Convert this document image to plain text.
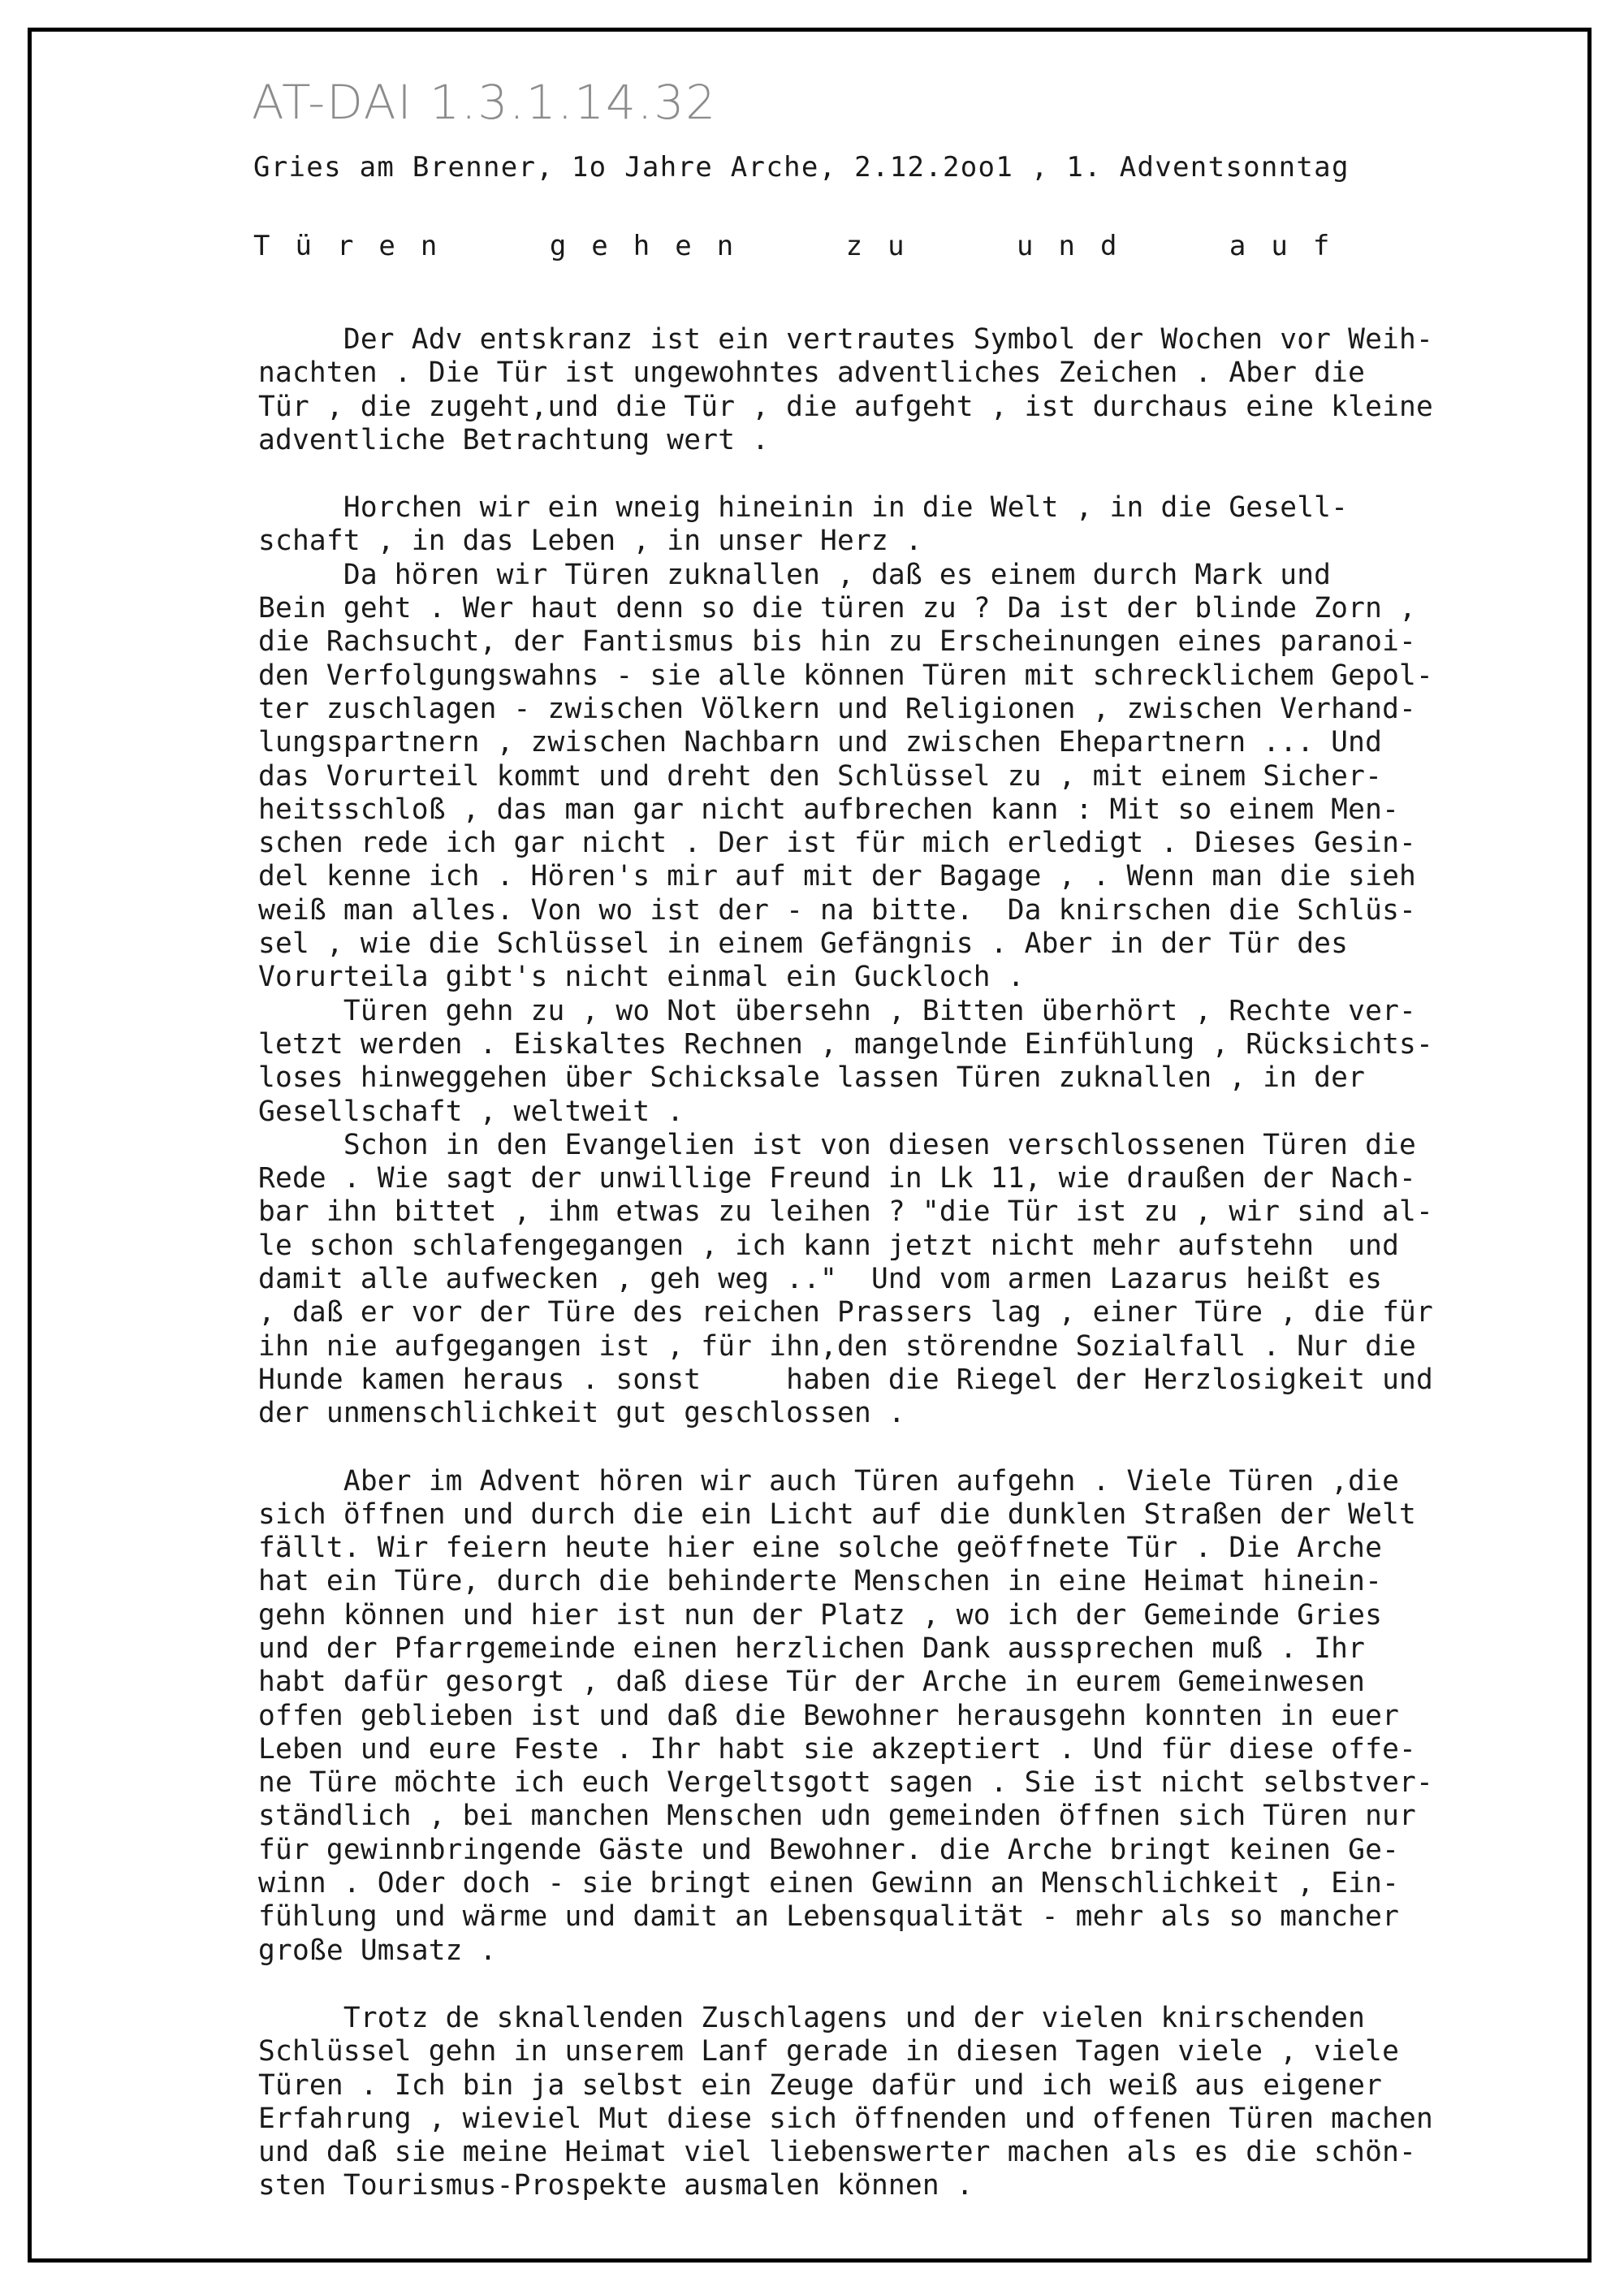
AT-DAI 1.3.1.14.32
Gries am Brenner, 1o Jahre Arche, 2.12.2oo1 , 1. Adventsonntag
Türen gehen zu und auf
Der Adv entskranz ist ein vertrautes Symbol der Wochen vor Weih-
nachten . Die Tür ist ungewohntes adventliches Zeichen . Aber die
Tür , die zugeht,und die Tür , die aufgeht , ist durchaus eine kleine
adventliche Betrachtung wert .
Horchen wir ein wneig hineinin in die Welt , in die Gesell-
schaft , in das Leben , in unser Herz .
Da hören wir Türen zuknallen , daß es einem durch Mark und
Bein geht . Wer haut denn so die türen zu ? Da ist der blinde Zorn ,
die Rachsucht, der Fantismus bis hin zu Erscheinungen eines paranoi-
den Verfolgungswahns - sie alle können Türen mit schrecklichem Gepol-
ter zuschlagen - zwischen Völkern und Religionen , zwischen Verhand-
lungspartnern , zwischen Nachbarn und zwischen Ehepartnern ... Und
das Vorurteil kommt und dreht den Schlüssel zu , mit einem Sicher-
heitsschloß , das man gar nicht aufbrechen kann : Mit so einem Men-
schen rede ich gar nicht . Der ist für mich erledigt . Dieses Gesin-
del kenne ich . Hören's mir auf mit der Bagage , . Wenn man die sieh
weiß man alles. Von wo ist der - na bitte.  Da knirschen die Schlüs-
sel , wie die Schlüssel in einem Gefängnis . Aber in der Tür des
Vorurteila gibt's nicht einmal ein Guckloch .
Türen gehn zu , wo Not übersehn , Bitten überhört , Rechte ver-
letzt werden . Eiskaltes Rechnen , mangelnde Einfühlung , Rücksichts-
loses hinweggehen über Schicksale lassen Türen zuknallen , in der
Gesellschaft , weltweit .
Schon in den Evangelien ist von diesen verschlossenen Türen die
Rede . Wie sagt der unwillige Freund in Lk 11, wie draußen der Nach-
bar ihn bittet , ihm etwas zu leihen ? "die Tür ist zu , wir sind al-
le schon schlafengegangen , ich kann jetzt nicht mehr aufstehn  und
damit alle aufwecken , geh weg .."  Und vom armen Lazarus heißt es
, daß er vor der Türe des reichen Prassers lag , einer Türe , die für
ihn nie aufgegangen ist , für ihn,den störendne Sozialfall . Nur die
Hunde kamen heraus . sonst     haben die Riegel der Herzlosigkeit und
der unmenschlichkeit gut geschlossen .
Aber im Advent hören wir auch Türen aufgehn . Viele Türen ,die
sich öffnen und durch die ein Licht auf die dunklen Straßen der Welt
fällt. Wir feiern heute hier eine solche geöffnete Tür . Die Arche
hat ein Türe, durch die behinderte Menschen in eine Heimat hinein-
gehn können und hier ist nun der Platz , wo ich der Gemeinde Gries
und der Pfarrgemeinde einen herzlichen Dank aussprechen muß . Ihr
habt dafür gesorgt , daß diese Tür der Arche in eurem Gemeinwesen
offen geblieben ist und daß die Bewohner herausgehn konnten in euer
Leben und eure Feste . Ihr habt sie akzeptiert . Und für diese offe-
ne Türe möchte ich euch Vergeltsgott sagen . Sie ist nicht selbstver-
ständlich , bei manchen Menschen udn gemeinden öffnen sich Türen nur
für gewinnbringende Gäste und Bewohner. die Arche bringt keinen Ge-
winn . Oder doch - sie bringt einen Gewinn an Menschlichkeit , Ein-
fühlung und wärme und damit an Lebensqualität - mehr als so mancher
große Umsatz .
Trotz de sknallenden Zuschlagens und der vielen knirschenden
Schlüssel gehn in unserem Lanf gerade in diesen Tagen viele , viele
Türen . Ich bin ja selbst ein Zeuge dafür und ich weiß aus eigener
Erfahrung , wieviel Mut diese sich öffnenden und offenen Türen machen
und daß sie meine Heimat viel liebenswerter machen als es die schön-
sten Tourismus-Prospekte ausmalen können .
